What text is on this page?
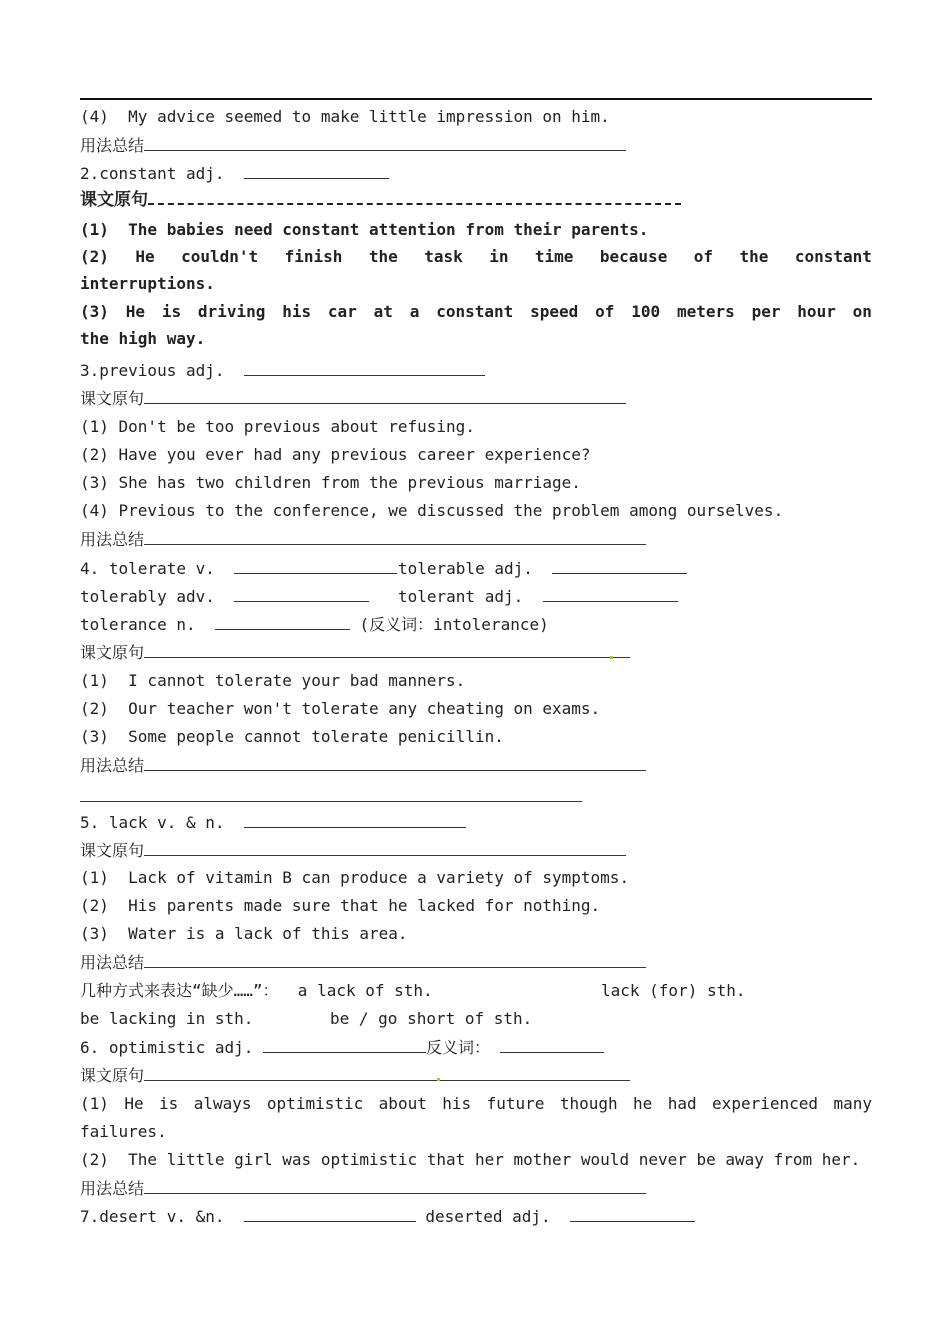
(4)  My advice seemed to make little impression on him.
用法总结
2.constant adj.
课文原句
(1)  The babies need constant attention from their parents.
(2) He couldn't finish the task in time because of the constant
interruptions.
(3) He is driving his car at a constant speed of 100 meters per hour on
the high way.
3.previous adj.
课文原句
(1) Don't be too previous about refusing.
(2) Have you ever had any previous career experience?
(3) She has two children from the previous marriage.
(4) Previous to the conference, we discussed the problem among ourselves.
用法总结
4. tolerate v.	tolerable adj.
tolerably adv.	tolerant adj.
tolerance n.	(反义词：intolerance)
课文原句
(1)  I cannot tolerate your bad manners.
(2)  Our teacher won't tolerate any cheating on exams.
(3)  Some people cannot tolerate penicillin.
用法总结
5. lack v. & n.
课文原句
(1)  Lack of vitamin B can produce a variety of symptoms.
(2)  His parents made sure that he lacked for nothing.
(3)  Water is a lack of this area.
用法总结
几种方式来表达“缺少……”：  a lack of sth.	lack (for) sth.
be lacking in sth.	be / go short of sth.
6. optimistic adj.	反义词：
课文原句
(1) He is always optimistic about his future though he had experienced many
failures.
(2)  The little girl was optimistic that her mother would never be away from her.
用法总结
7.desert v. &n.	deserted adj.
